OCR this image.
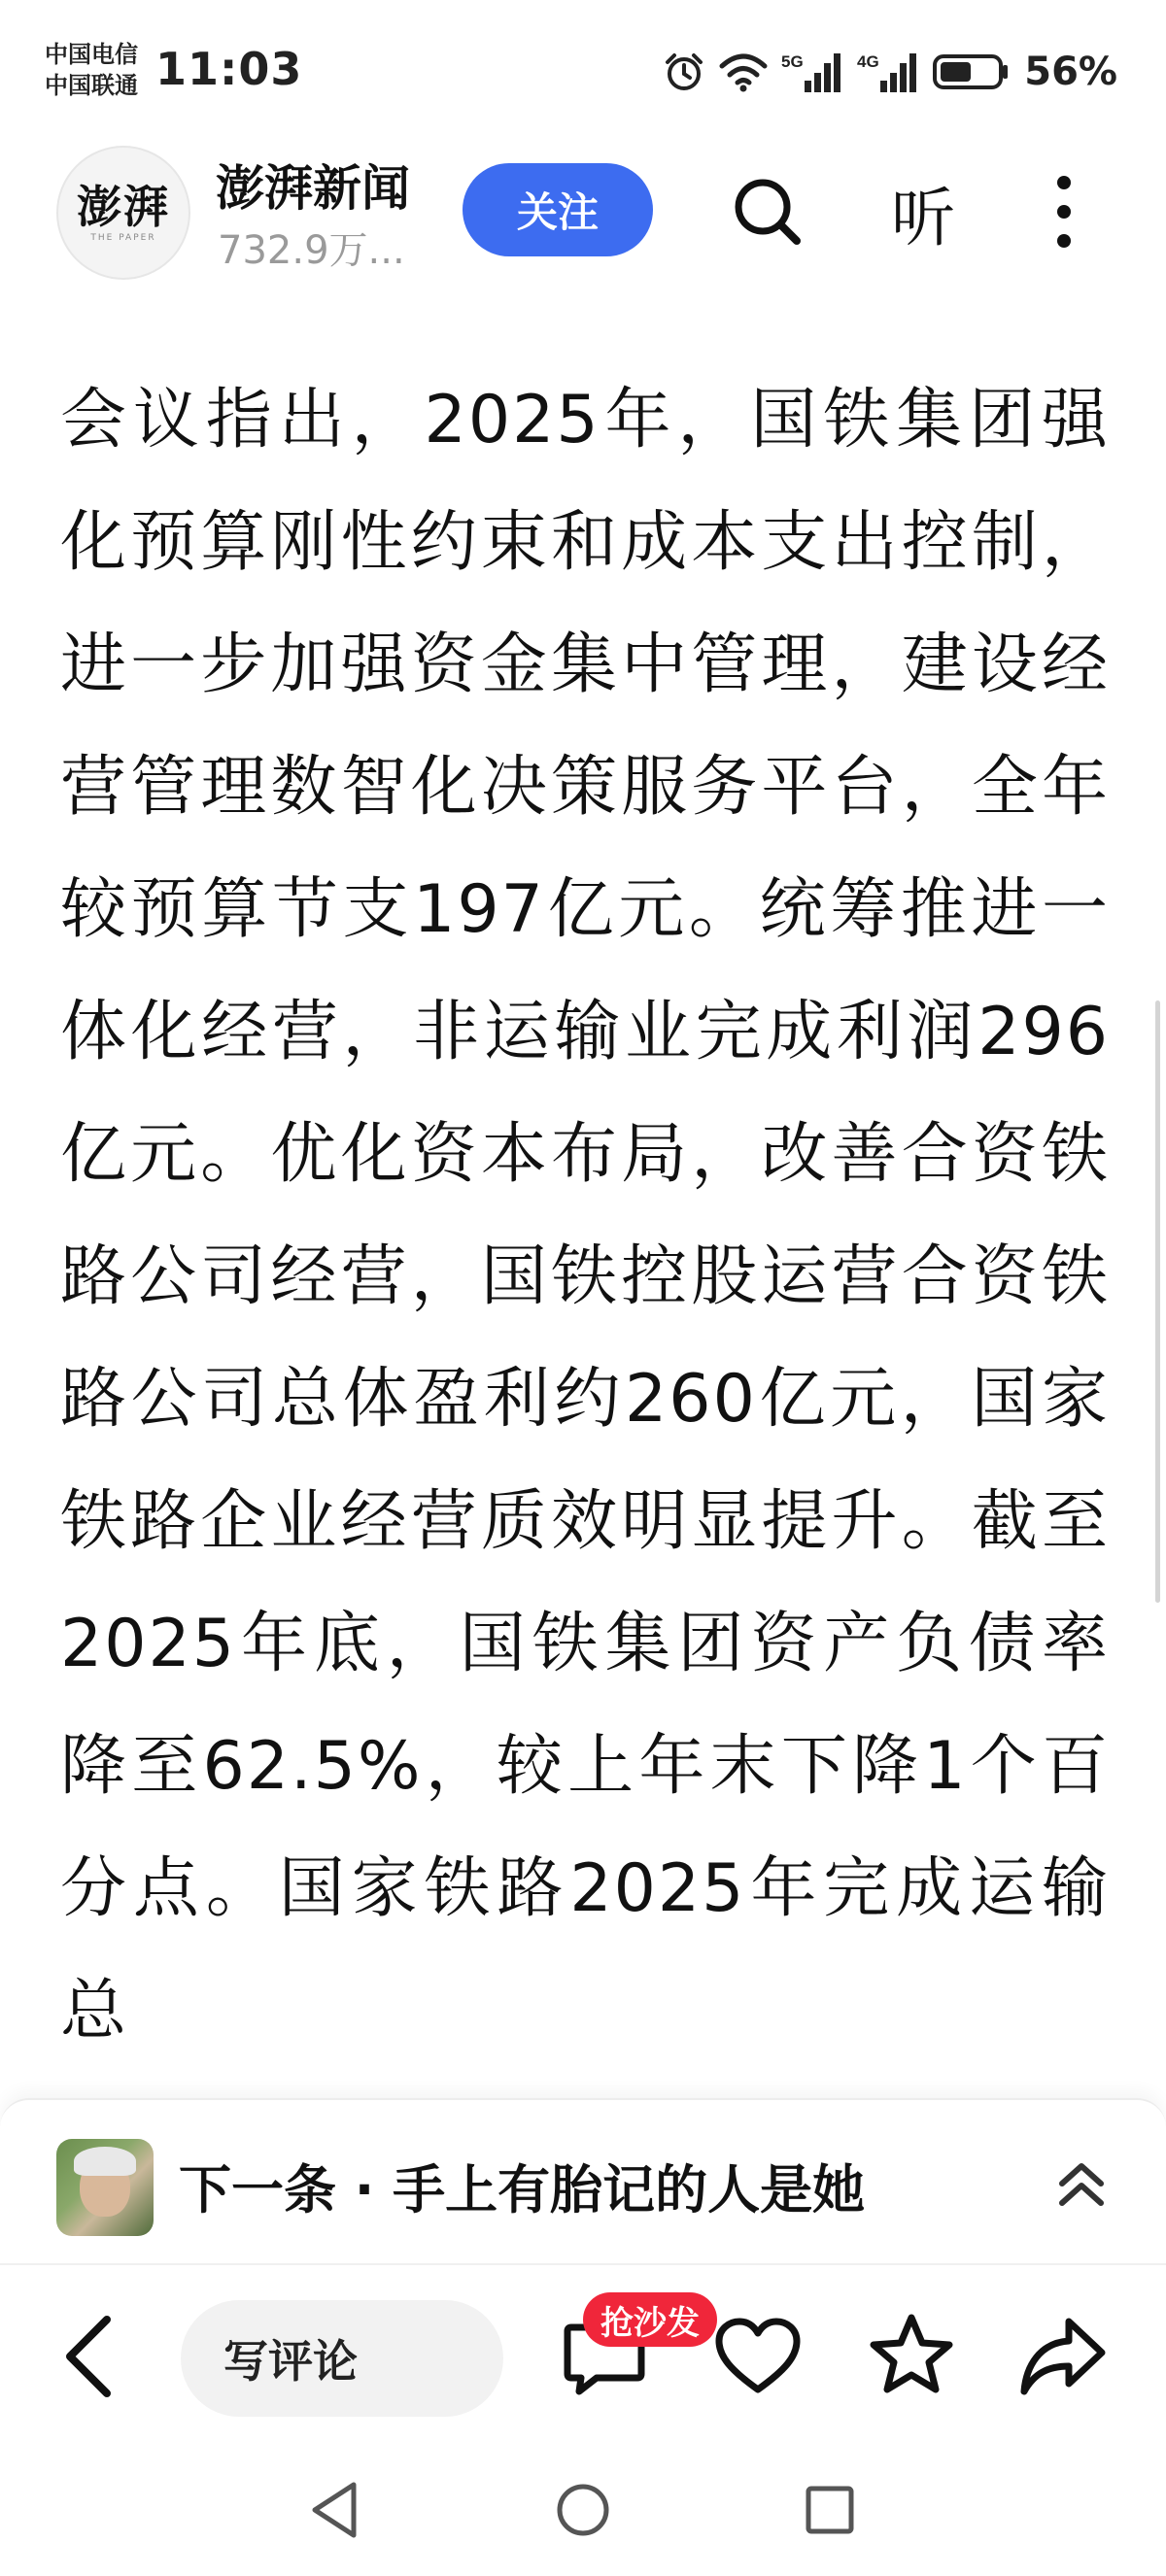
中国电信
中国联通 11:03	5G	4G	56%
澎湃
THE PAPER
澎湃新闻
732.9万...
关注	听

会议指出，2025年，国铁集团强化预算刚性约束和成本支出控制，进一步加强资金集中管理，建设经营管理数智化决策服务平台，全年较预算节支197亿元。统筹推进一体化经营，非运输业完成利润296亿元。优化资本布局，改善合资铁路公司经营，国铁控股运营合资铁路公司总体盈利约260亿元，国家铁路企业经营质效明显提升。截至2025年底，国铁集团资产负债率降至62.5%，较上年末下降1个百分点。国家铁路2025年完成运输总

下一条 · 手上有胎记的人是她
写评论
抢沙发
